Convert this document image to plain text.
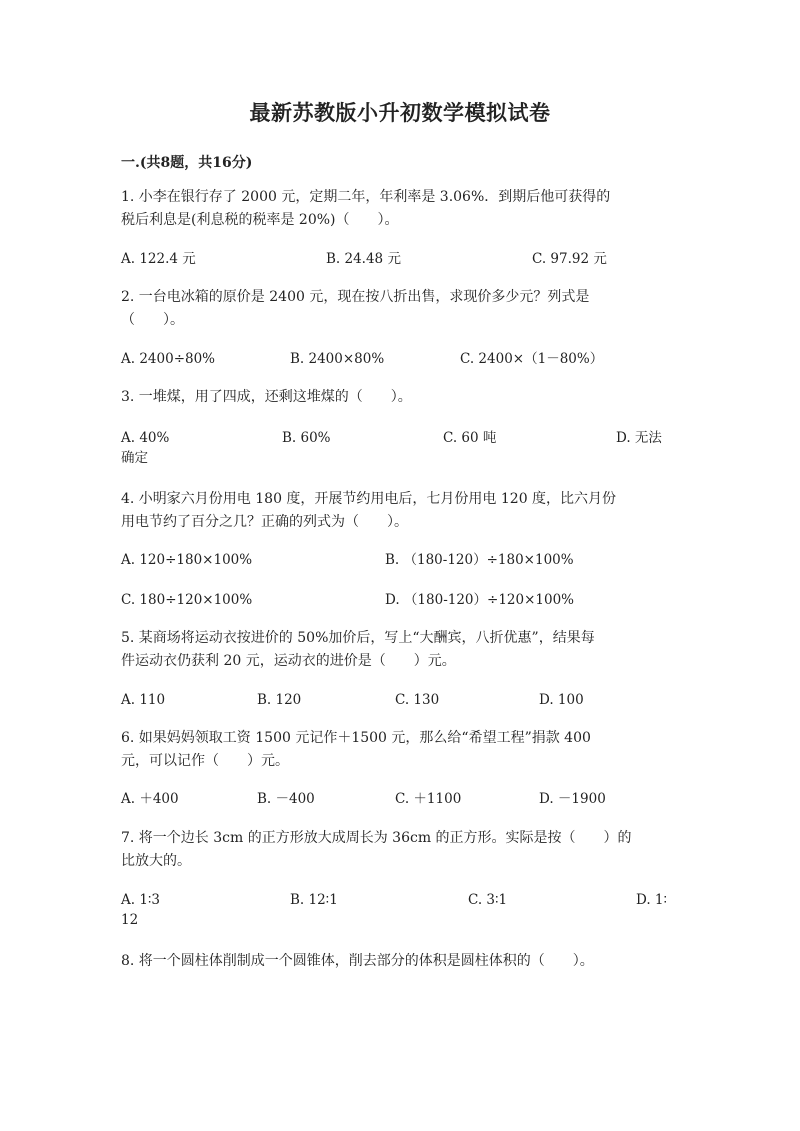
最新苏教版小升初数学模拟试卷
一.(共8题，共16分)
1. 小李在银行存了 2000 元，定期二年，年利率是 3.06%．到期后他可获得的
税后利息是(利息税的税率是 20%)（　　）。
A. 122.4 元	B. 24.48 元	C. 97.92 元
2. 一台电冰箱的原价是 2400 元，现在按八折出售，求现价多少元？列式是
（　　）。
A. 2400÷80%	B. 2400×80%	C. 2400×（1－80%）
3. 一堆煤，用了四成，还剩这堆煤的（　　）。
A. 40%	B. 60%	C. 60 吨	D. 无法
确定
4. 小明家六月份用电 180 度，开展节约用电后，七月份用电 120 度，比六月份
用电节约了百分之几？正确的列式为（　　）。
A. 120÷180×100%	B. （180-120）÷180×100%
C. 180÷120×100%	D. （180-120）÷120×100%
5. 某商场将运动衣按进价的 50%加价后，写上“大酬宾，八折优惠”，结果每
件运动衣仍获利 20 元，运动衣的进价是（　　）元。
A. 110	B. 120	C. 130	D. 100
6. 如果妈妈领取工资 1500 元记作＋1500 元，那么给“希望工程”捐款 400
元，可以记作（　　）元。
A. ＋400	B. －400	C. ＋1100	D. －1900
7. 将一个边长 3cm 的正方形放大成周长为 36cm 的正方形。实际是按（　　）的
比放大的。
A. 1∶3	B. 12∶1	C. 3∶1	D. 1∶
12
8. 将一个圆柱体削制成一个圆锥体，削去部分的体积是圆柱体积的（　　）。
